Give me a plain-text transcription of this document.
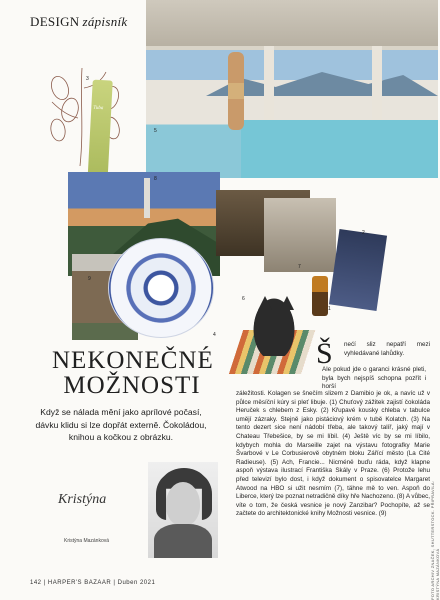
DESIGN zápisník
5
Tuba
3
8
7
2
1
9
4
6
NEKONEČNÉ
MOŽNOSTI
Když se nálada mění jako aprílové počasí, dávku klidu si lze dopřát externě. Čokoládou, knihou a kočkou z obrázku.
Kristýna
Kristýna Mazánková
Š nećí sliz nepatří mezi vyhledávané lahůdky.
Ale pokud jde o garanci krásné pleti, byla bych nejspíš schopna pozřít i horší
záležitosti. Kolagen se šnečím slizem z Damibio je ok, a navíc už v půlce měsíční kúry si pleť libuje. (1) Chuťový zážitek zajistí čokoláda Heruček s chlebem z Esky. (2) Křupavé kousky chleba v tabulce umějí zázraky. Stejně jako pistáciový krém v tubě Kolatch. (3) Na tento dezert sice není nádobí třeba, ale takový talíř, jaký mají v Chateau Třebešice, by se mi líbil. (4) Ještě víc by se mi líbilo, kdybych mohla do Marseille zajet na výstavu fotografky Marie Švarbové v Le Corbusierově obytném bloku Zářící město (La Cité Radieuse). (5) Ach, Francie... Nicméně buďu ráda, když klapne aspoň výstava ilustrací Františka Skály v Praze. (6) Protože lehu před televizí bylo dost, i když dokument o spisovatelce Margaret Atwood na HBO si užit nesmím (7), tähne mě to ven. Aspoň do Liberce, který lze poznat netradičně díky hře Nachozeno. (8) A vůbec, víte o tom, že česká vesnice je nový Zanzibar? Pochopíte, až se začtete do architektonické knihy Možnosti vesnice. (9)
142 | HARPER'S BAZAAR | Duben 2021	FOTO ARCHIV ZNAČEK, SHUTTERSTOCK. PŘIPRAVILA: KRISTÝNA MAZÁNKOVÁ
